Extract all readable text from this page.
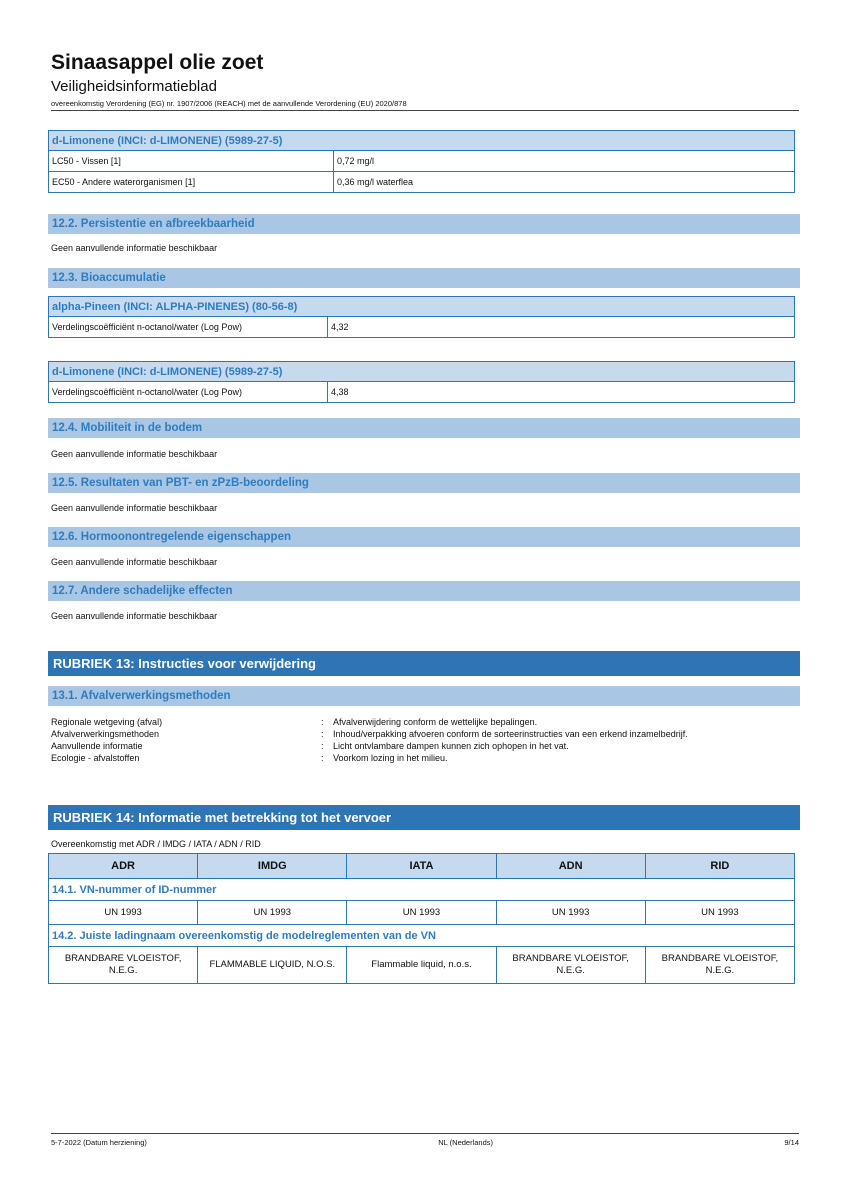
Sinaasappel olie zoet
Veiligheidsinformatieblad
overeenkomstig Verordening (EG) nr. 1907/2006 (REACH) met de aanvullende Verordening (EU) 2020/878
d-Limonene (INCI: d-LIMONENE) (5989-27-5)	
LC50 - Vissen [1]	0,72 mg/l
EC50 - Andere waterorganismen [1]	0,36 mg/l waterflea
12.2. Persistentie en afbreekbaarheid
Geen aanvullende informatie beschikbaar
12.3. Bioaccumulatie
alpha-Pineen (INCI: ALPHA-PINENES) (80-56-8)
Verdelingscoëfficiënt n-octanol/water (Log Pow)	4,32
d-Limonene (INCI: d-LIMONENE) (5989-27-5)
Verdelingscoëfficiënt n-octanol/water (Log Pow)	4,38
12.4. Mobiliteit in de bodem
Geen aanvullende informatie beschikbaar
12.5. Resultaten van PBT- en zPzB-beoordeling
Geen aanvullende informatie beschikbaar
12.6. Hormoonontregelende eigenschappen
Geen aanvullende informatie beschikbaar
12.7. Andere schadelijke effecten
Geen aanvullende informatie beschikbaar
RUBRIEK 13: Instructies voor verwijdering
13.1. Afvalverwerkingsmethoden
Regionale wetgeving (afval)	:	Afvalverwijdering conform de wettelijke bepalingen.
Afvalverwerkingsmethoden	:	Inhoud/verpakking afvoeren conform de sorteerinstructies van een erkend inzamelbedrijf.
Aanvullende informatie	:	Licht ontvlambare dampen kunnen zich ophopen in het vat.
Ecologie - afvalstoffen	:	Voorkom lozing in het milieu.
RUBRIEK 14: Informatie met betrekking tot het vervoer
Overeenkomstig met ADR / IMDG / IATA / ADN / RID
ADR	IMDG	IATA	ADN	RID
14.1. VN-nummer of ID-nummer				
UN 1993	UN 1993	UN 1993	UN 1993	UN 1993
14.2. Juiste ladingnaam overeenkomstig de modelreglementen van de VN				
BRANDBARE VLOEISTOF, N.E.G.	FLAMMABLE LIQUID, N.O.S.	Flammable liquid, n.o.s.	BRANDBARE VLOEISTOF, N.E.G.	BRANDBARE VLOEISTOF, N.E.G.
5-7-2022 (Datum herziening)	NL (Nederlands)	9/14
